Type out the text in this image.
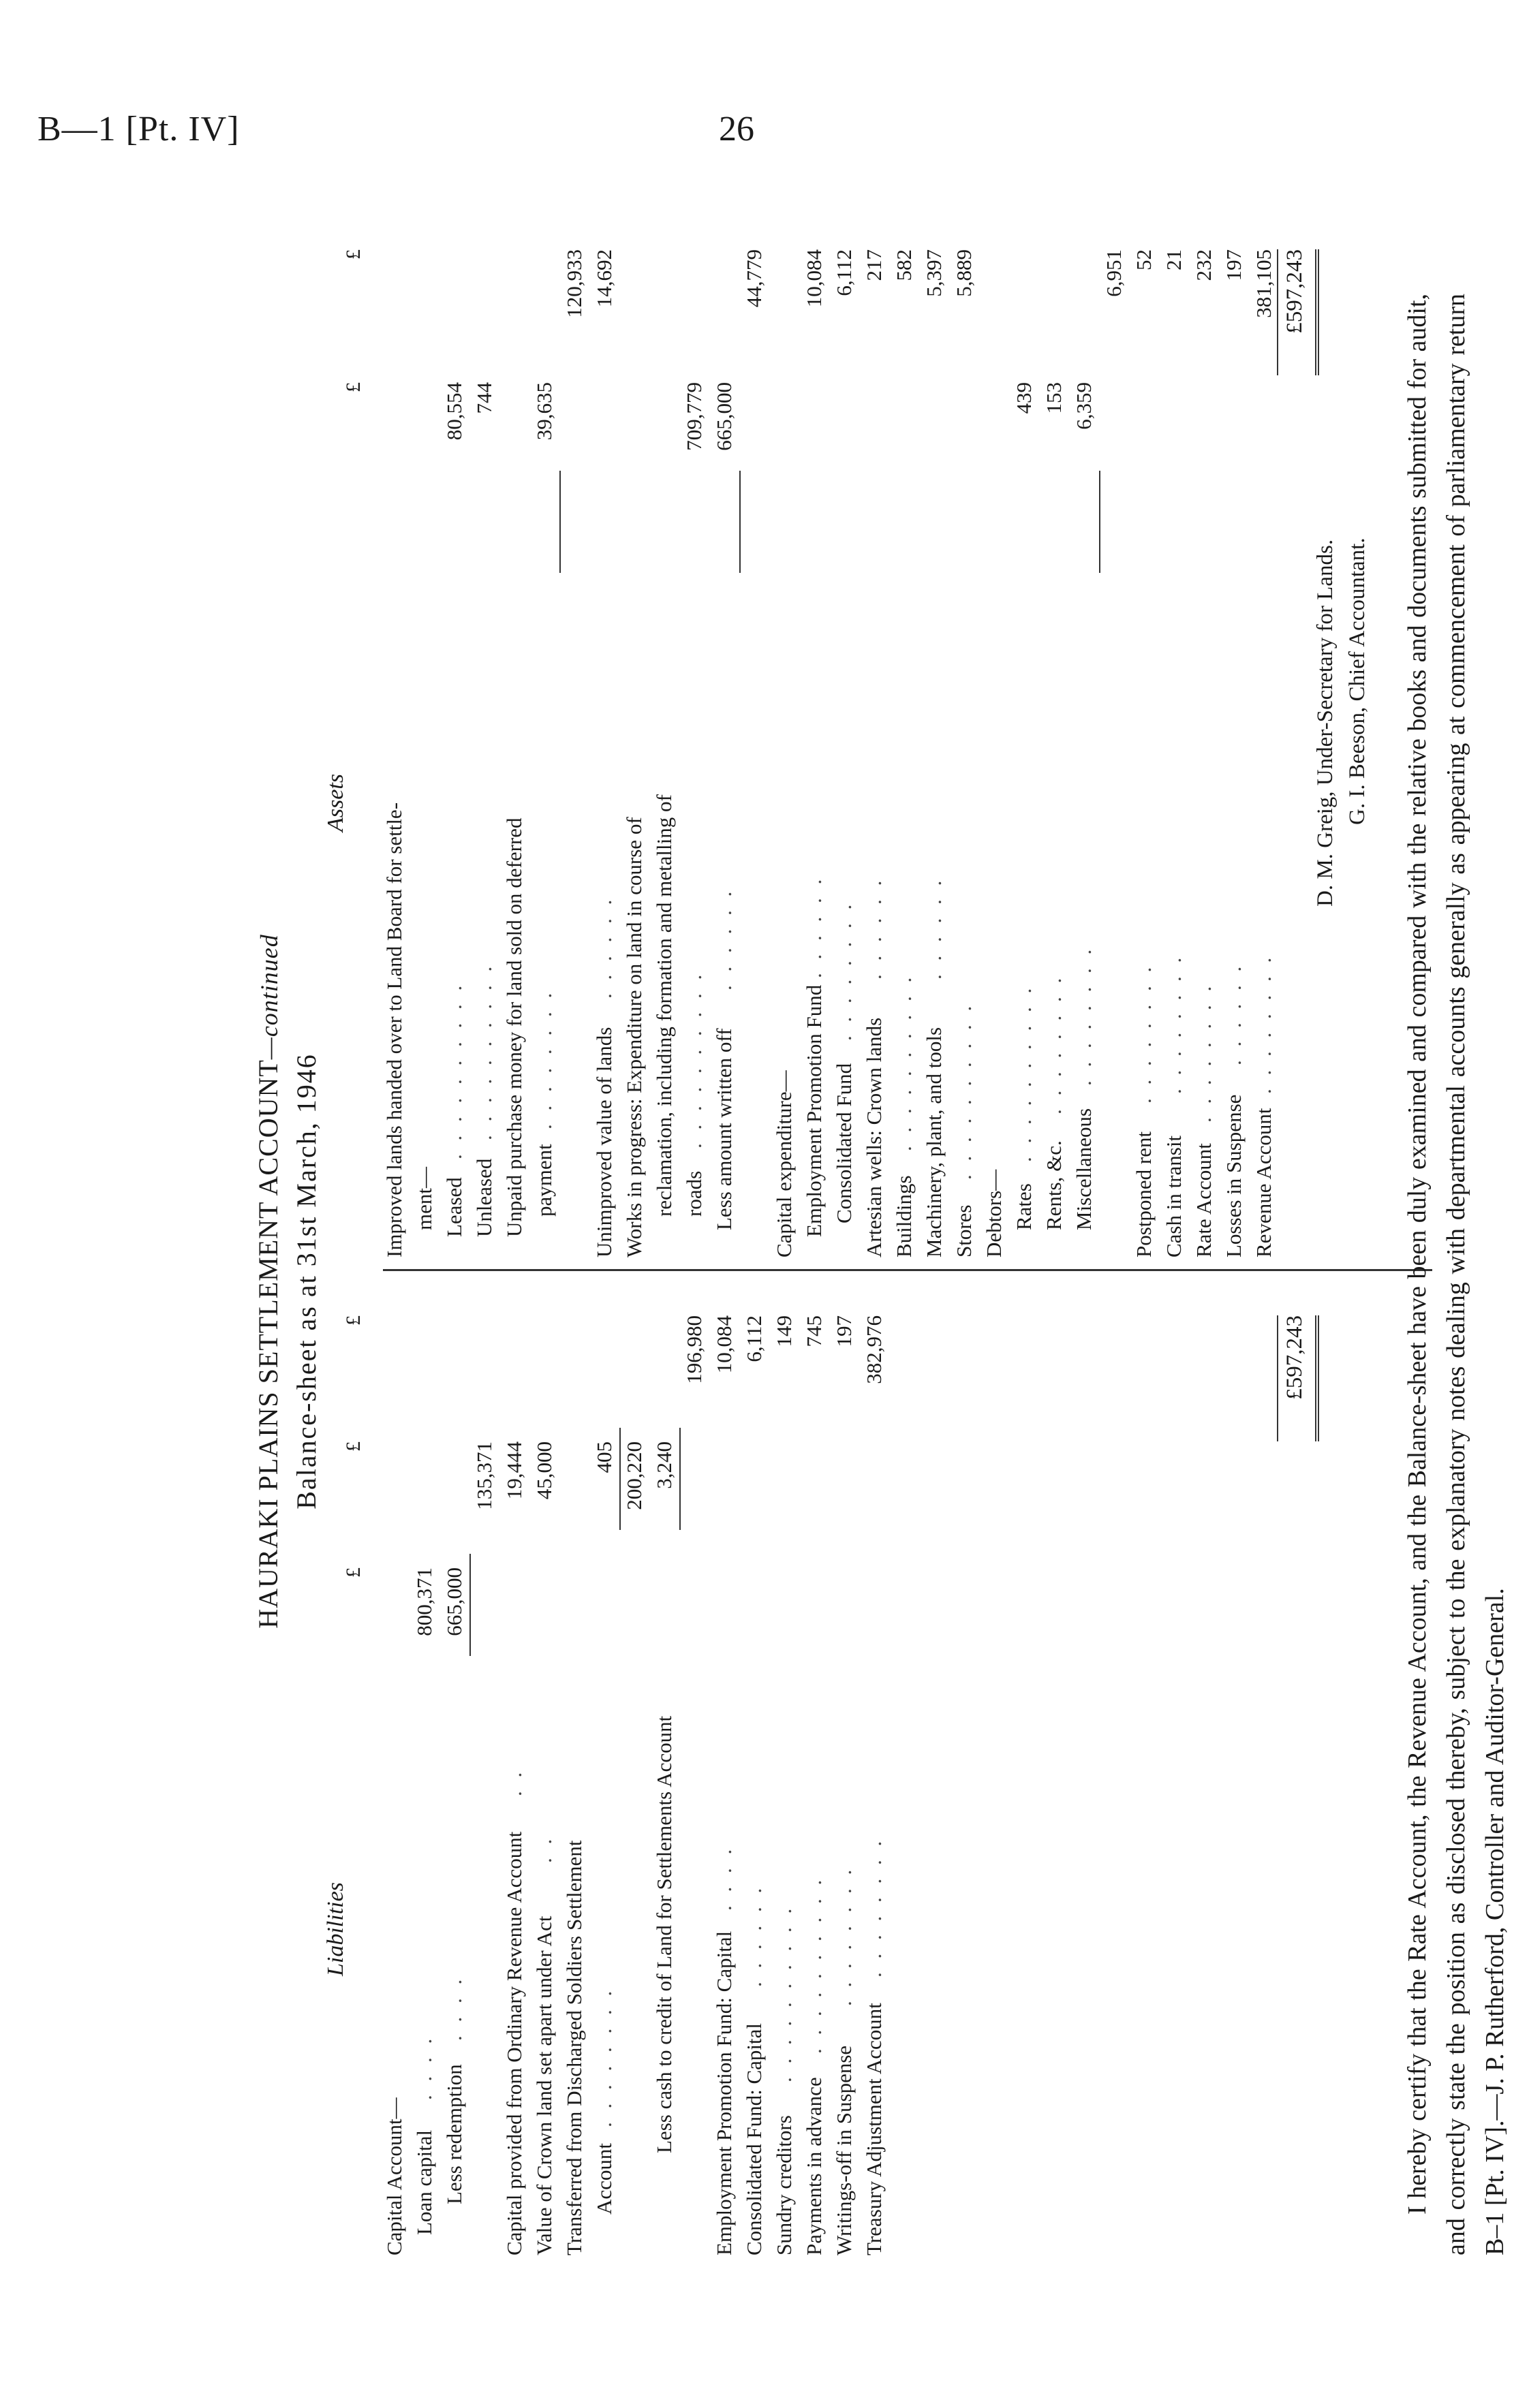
B—1 [Pt. IV]	26
HAURAKI PLAINS SETTLEMENT ACCOUNT—continued
Balance-sheet as at 31st March, 1946
Liabilities
Assets
£
£
£
£
£
Capital Account— Loan capital
. . . .
800,371
Less redemption
. . . .
665,000
135,371
Capital provided from Ordinary Revenue Account
. .
19,444
Value of Crown land set apart under Act
. .
45,000
Transferred from Discharged Soldiers Settlement Account
. . . . . . . .
405 200,220
Less cash to credit of Land for Settlements Account
3,240
196,980
Employment Promotion Fund: Capital
. . . .
10,084
Consolidated Fund: Capital
. . . . . .
6,112
Sundry creditors
. . . . . . . . . .
149
Payments in advance
. . . . . . . . . .
745
Writings-off in Suspense
. . . . . . . .
197
Treasury Adjustment Account
. . . . . . . .
382,976
Improved lands handed over to Land Board for settle- ment— Leased
. . . . . . . . . .
80,554
Unleased
. . . . . . . . . .
744
Unpaid purchase money for land sold on deferred payment
. . . . . . . .
39,635
120,933
Unimproved value of lands
. . . . . .
14,692
Works in progress: Expenditure on land in course of reclamation, including formation and metalling of roads
. . . . . . . . . .
709,779
Less amount written off
. . . . . .
665,000
44,779
Capital expenditure— Employment Promotion Fund
. . . . . .
10,084
Consolidated Fund
. . . . . . . .
6,112
Artesian wells: Crown lands
. . . . . .
217
Buildings
. . . . . . . . . .
582
Machinery, plant, and tools
. . . . . .
5,397
Stores
. . . . . . . . . .
5,889
Debtors— Rates
. . . . . . . . . .
439
Rents, &c.
. . . . . . . .
153
Miscellaneous
. . . . . . . .
6,359
6,951
Postponed rent
. . . . . . . .
52
Cash in transit
. . . . . . . .
21
Rate Account
. . . . . . . .
232
Losses in Suspense
. . . . . .
197
Revenue Account
. . . . . . . .
381,105
£597,243
£597,243
D. M. Greig, Under-Secretary for Lands. G. I. Beeson, Chief Accountant. I hereby certify that the Rate Account, the Revenue Account, and the Balance-sheet have been duly examined and compared with the relative books and documents submitted for audit, and correctly state the position as disclosed thereby, subject to the explanatory notes dealing with departmental accounts generally as appearing at commencement of parliamentary return B–1 [Pt. IV].—J. P. Rutherford, Controller and Auditor-General.
